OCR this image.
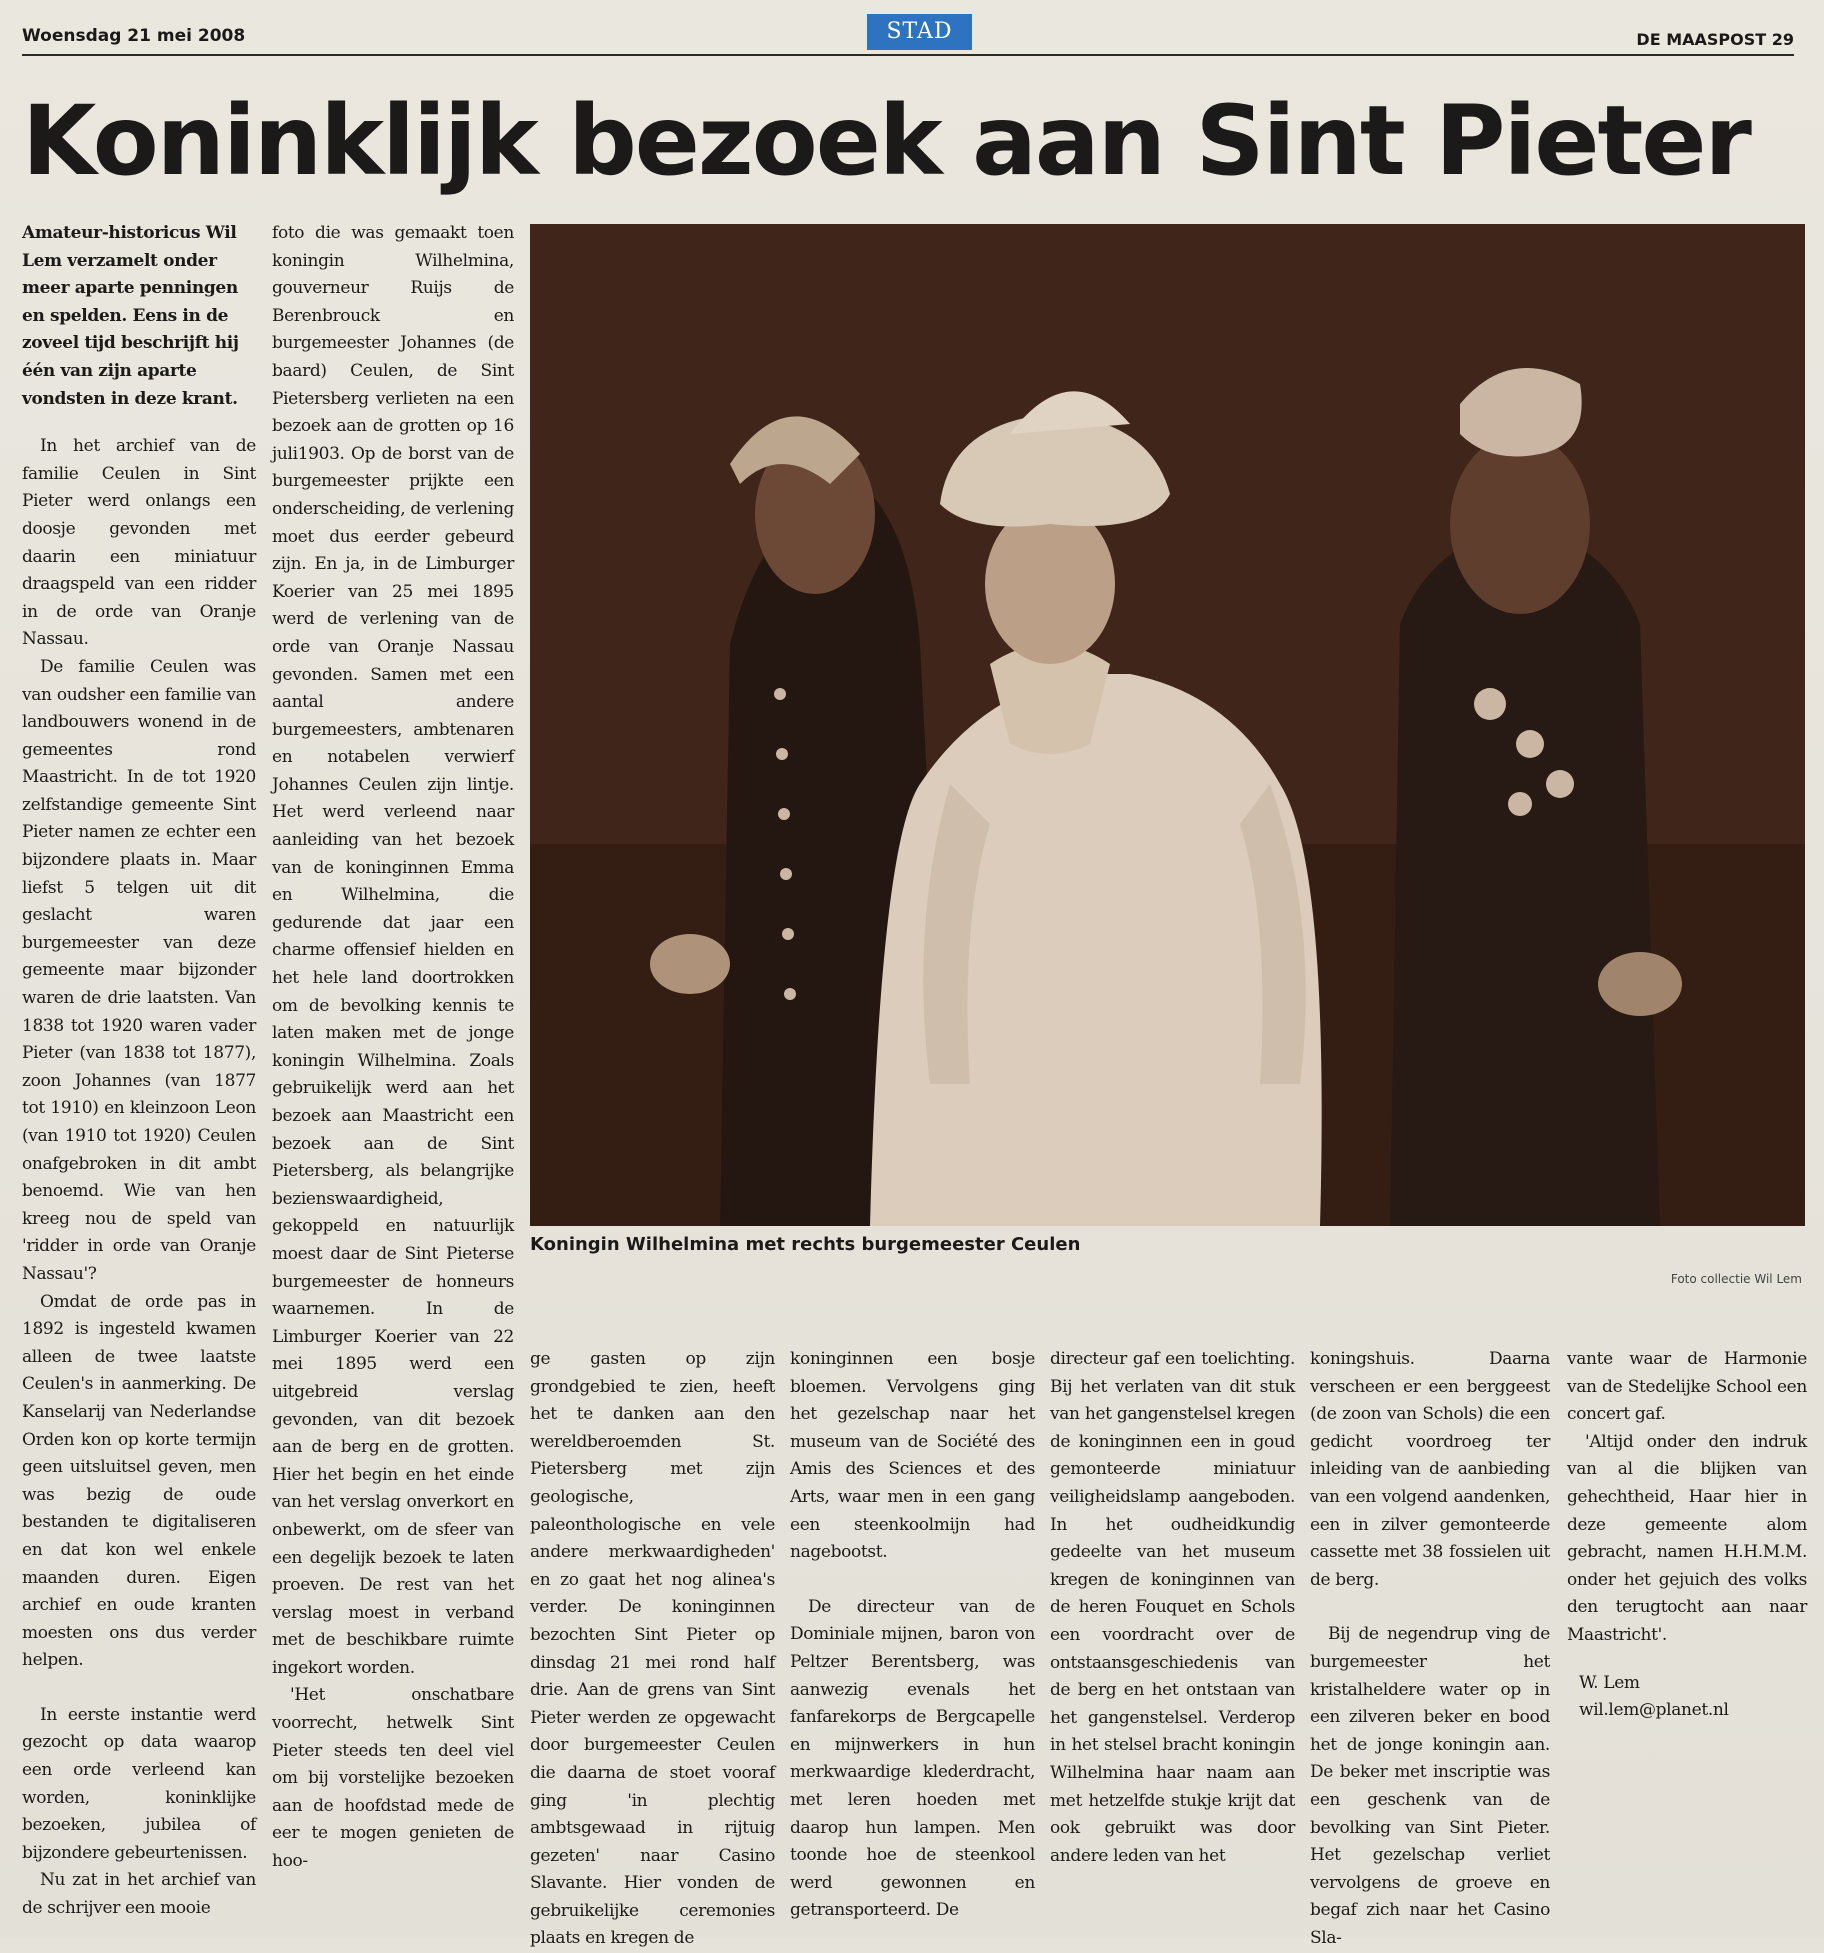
Woensdag 21 mei 2008	STAD	DE MAASPOST 29
Koninklijk bezoek aan Sint Pieter

Amateur-historicus Wil Lem verzamelt onder meer aparte penningen en spelden. Eens in de zoveel tijd beschrijft hij één van zijn aparte vondsten in deze krant.

In het archief van de familie Ceulen in Sint Pieter werd onlangs een doosje gevonden met daarin een miniatuur draagspeld van een ridder in de orde van Oranje Nassau.

De familie Ceulen was van oudsher een familie van landbouwers wonend in de gemeentes rond Maastricht. In de tot 1920 zelfstandige gemeente Sint Pieter namen ze echter een bijzondere plaats in. Maar liefst 5 telgen uit dit geslacht waren burgemeester van deze gemeente maar bijzonder waren de drie laatsten. Van 1838 tot 1920 waren vader Pieter (van 1838 tot 1877), zoon Johannes (van 1877 tot 1910) en kleinzoon Leon (van 1910 tot 1920) Ceulen onafgebroken in dit ambt benoemd. Wie van hen kreeg nou de speld van 'ridder in orde van Oranje Nassau'?

Omdat de orde pas in 1892 is ingesteld kwamen alleen de twee laatste Ceulen's in aanmerking. De Kanselarij van Nederlandse Orden kon op korte termijn geen uitsluitsel geven, men was bezig de oude bestanden te digitaliseren en dat kon wel enkele maanden duren. Eigen archief en oude kranten moesten ons dus verder helpen.

In eerste instantie werd gezocht op data waarop een orde verleend kan worden, koninklijke bezoeken, jubilea of bijzondere gebeurtenissen.

Nu zat in het archief van de schrijver een mooie

foto die was gemaakt toen koningin Wilhelmina, gouverneur Ruijs de Berenbrouck en burgemeester Johannes (de baard) Ceulen, de Sint Pietersberg verlieten na een bezoek aan de grotten op 16 juli1903. Op de borst van de burgemeester prijkte een onderscheiding, de verlening moet dus eerder gebeurd zijn. En ja, in de Limburger Koerier van 25 mei 1895 werd de verlening van de orde van Oranje Nassau gevonden. Samen met een aantal andere burgemeesters, ambtenaren en notabelen verwierf Johannes Ceulen zijn lintje. Het werd verleend naar aanleiding van het bezoek van de koninginnen Emma en Wilhelmina, die gedurende dat jaar een charme offensief hielden en het hele land doortrokken om de bevolking kennis te laten maken met de jonge koningin Wilhelmina. Zoals gebruikelijk werd aan het bezoek aan Maastricht een bezoek aan de Sint Pietersberg, als belangrijke bezienswaardigheid, gekoppeld en natuurlijk moest daar de Sint Pieterse burgemeester de honneurs waarnemen. In de Limburger Koerier van 22 mei 1895 werd een uitgebreid verslag gevonden, van dit bezoek aan de berg en de grotten. Hier het begin en het einde van het verslag onverkort en onbewerkt, om de sfeer van een degelijk bezoek te laten proeven. De rest van het verslag moest in verband met de beschikbare ruimte ingekort worden.

'Het onschatbare voorrecht, hetwelk Sint Pieter steeds ten deel viel om bij vorstelijke bezoeken aan de hoofdstad mede de eer te mogen genieten de hoo-

Koningin Wilhelmina met rechts burgemeester Ceulen
Foto collectie Wil Lem

ge gasten op zijn grondgebied te zien, heeft het te danken aan den wereldberoemden St. Pietersberg met zijn geologische, paleonthologische en vele andere merkwaardigheden' en zo gaat het nog alinea's verder. De koninginnen bezochten Sint Pieter op dinsdag 21 mei rond half drie. Aan de grens van Sint Pieter werden ze opgewacht door burgemeester Ceulen die daarna de stoet vooraf ging 'in plechtig ambtsgewaad in rijtuig gezeten' naar Casino Slavante. Hier vonden de gebruikelijke ceremonies plaats en kregen de

koninginnen een bosje bloemen. Vervolgens ging het gezelschap naar het museum van de Société des Amis des Sciences et des Arts, waar men in een gang een steenkoolmijn had nagebootst.

De directeur van de Dominiale mijnen, baron von Peltzer Berentsberg, was aanwezig evenals het fanfarekorps de Bergcapelle en mijnwerkers in hun merkwaardige klederdracht, met leren hoeden met daarop hun lampen. Men toonde hoe de steenkool werd gewonnen en getransporteerd. De

directeur gaf een toelichting. Bij het verlaten van dit stuk van het gangenstelsel kregen de koninginnen een in goud gemonteerde miniatuur veiligheidslamp aangeboden. In het oudheidkundig gedeelte van het museum kregen de koninginnen van de heren Fouquet en Schols een voordracht over de ontstaansgeschiedenis van de berg en het ontstaan van het gangenstelsel. Verderop in het stelsel bracht koningin Wilhelmina haar naam aan met hetzelfde stukje krijt dat ook gebruikt was door andere leden van het

koningshuis. Daarna verscheen er een berggeest (de zoon van Schols) die een gedicht voordroeg ter inleiding van de aanbieding van een volgend aandenken, een in zilver gemonteerde cassette met 38 fossielen uit de berg.

Bij de negendrup ving de burgemeester het kristalheldere water op in een zilveren beker en bood het de jonge koningin aan. De beker met inscriptie was een geschenk van de bevolking van Sint Pieter. Het gezelschap verliet vervolgens de groeve en begaf zich naar het Casino Sla-

vante waar de Harmonie van de Stedelijke School een concert gaf.

'Altijd onder den indruk van al die blijken van gehechtheid, Haar hier in deze gemeente alom gebracht, namen H.H.M.M. onder het gejuich des volks den terugtocht aan naar Maastricht'.

W. Lem

wil.lem@planet.nl
